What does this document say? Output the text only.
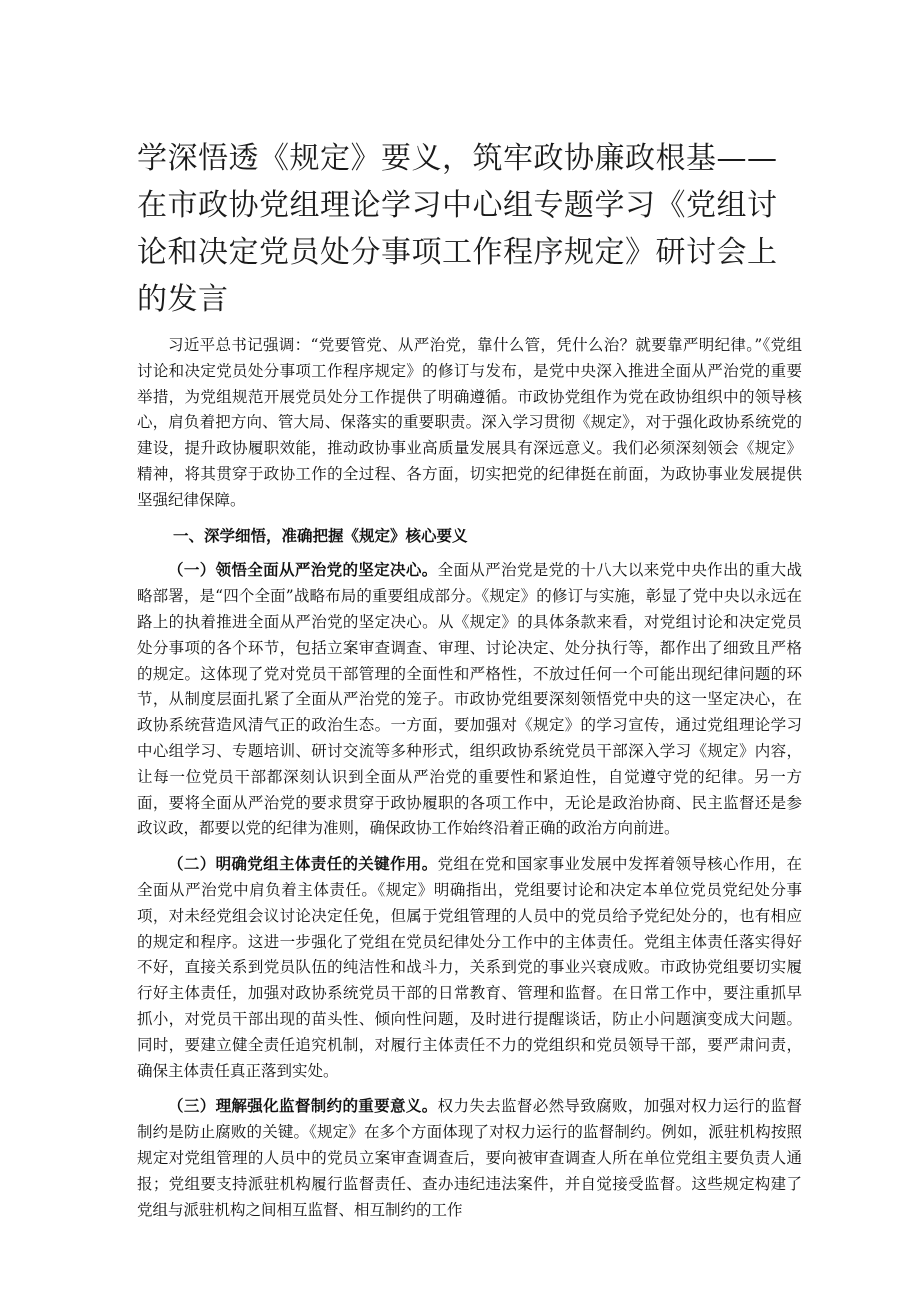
学深悟透《规定》要义，筑牢政协廉政根基——在市政协党组理论学习中心组专题学习《党组讨论和决定党员处分事项工作程序规定》研讨会上的发言

习近平总书记强调：“党要管党、从严治党，靠什么管，凭什么治？就要靠严明纪律。”《党组讨论和决定党员处分事项工作程序规定》的修订与发布，是党中央深入推进全面从严治党的重要举措，为党组规范开展党员处分工作提供了明确遵循。市政协党组作为党在政协组织中的领导核心，肩负着把方向、管大局、保落实的重要职责。深入学习贯彻《规定》，对于强化政协系统党的建设，提升政协履职效能，推动政协事业高质量发展具有深远意义。我们必须深刻领会《规定》精神，将其贯穿于政协工作的全过程、各方面，切实把党的纪律挺在前面，为政协事业发展提供坚强纪律保障。

一、深学细悟，准确把握《规定》核心要义

（一）领悟全面从严治党的坚定决心。全面从严治党是党的十八大以来党中央作出的重大战略部署，是“四个全面”战略布局的重要组成部分。《规定》的修订与实施，彰显了党中央以永远在路上的执着推进全面从严治党的坚定决心。从《规定》的具体条款来看，对党组讨论和决定党员处分事项的各个环节，包括立案审查调查、审理、讨论决定、处分执行等，都作出了细致且严格的规定。这体现了党对党员干部管理的全面性和严格性，不放过任何一个可能出现纪律问题的环节，从制度层面扎紧了全面从严治党的笼子。市政协党组要深刻领悟党中央的这一坚定决心，在政协系统营造风清气正的政治生态。一方面，要加强对《规定》的学习宣传，通过党组理论学习中心组学习、专题培训、研讨交流等多种形式，组织政协系统党员干部深入学习《规定》内容，让每一位党员干部都深刻认识到全面从严治党的重要性和紧迫性，自觉遵守党的纪律。另一方面，要将全面从严治党的要求贯穿于政协履职的各项工作中，无论是政治协商、民主监督还是参政议政，都要以党的纪律为准则，确保政协工作始终沿着正确的政治方向前进。

（二）明确党组主体责任的关键作用。党组在党和国家事业发展中发挥着领导核心作用，在全面从严治党中肩负着主体责任。《规定》明确指出，党组要讨论和决定本单位党员党纪处分事项，对未经党组会议讨论决定任免，但属于党组管理的人员中的党员给予党纪处分的，也有相应的规定和程序。这进一步强化了党组在党员纪律处分工作中的主体责任。党组主体责任落实得好不好，直接关系到党员队伍的纯洁性和战斗力，关系到党的事业兴衰成败。市政协党组要切实履行好主体责任，加强对政协系统党员干部的日常教育、管理和监督。在日常工作中，要注重抓早抓小，对党员干部出现的苗头性、倾向性问题，及时进行提醒谈话，防止小问题演变成大问题。同时，要建立健全责任追究机制，对履行主体责任不力的党组织和党员领导干部，要严肃问责，确保主体责任真正落到实处。

（三）理解强化监督制约的重要意义。权力失去监督必然导致腐败，加强对权力运行的监督制约是防止腐败的关键。《规定》在多个方面体现了对权力运行的监督制约。例如，派驻机构按照规定对党组管理的人员中的党员立案审查调查后，要向被审查调查人所在单位党组主要负责人通报；党组要支持派驻机构履行监督责任、查办违纪违法案件，并自觉接受监督。这些规定构建了党组与派驻机构之间相互监督、相互制约的工作
